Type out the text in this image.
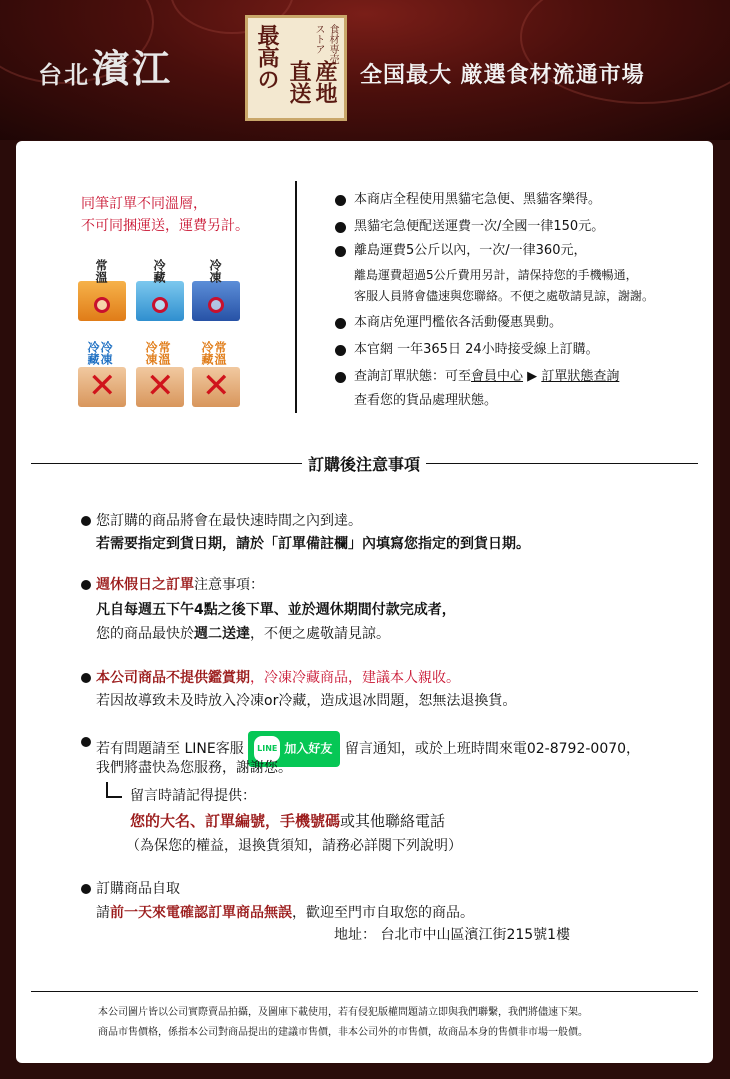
台北濱江
食材専売
ストア
最高の	産地直送	全国最大 厳選食材流通市場
同筆訂單不同溫層，
不可同捆運送，運費另計。
常溫	冷藏	冷凍
冷凍 冷藏
✕
常溫 冷凍
✕
常溫 冷藏
✕
本商店全程使用黑貓宅急便、黑貓客樂得。
黑貓宅急便配送運費一次/全國一律150元。
離島運費5公斤以內，一次/一律360元，
離島運費超過5公斤費用另計，請保持您的手機暢通，
客服人員將會儘速與您聯絡。不便之處敬請見諒，謝謝。
本商店免運門檻依各活動優惠異動。
本官網 一年365日 24小時接受線上訂購。
查詢訂單狀態：可至會員中心 ▶ 訂單狀態查詢
查看您的貨品處理狀態。
訂購後注意事項
您訂購的商品將會在最快速時間之內到達。
若需要指定到貨日期，請於「訂單備註欄」內填寫您指定的到貨日期。
週休假日之訂單注意事項：
凡自每週五下午4點之後下單、並於週休期間付款完成者，
您的商品最快於週二送達，不便之處敬請見諒。
本公司商品不提供鑑賞期，冷凍冷藏商品，建議本人親收。
若因故導致未及時放入冷凍or冷藏，造成退冰問題，恕無法退換貨。
若有問題請至 LINE客服 LINE 加入好友 留言通知，或於上班時間來電02-8792-0070，
我們將盡快為您服務，謝謝您。
留言時請記得提供：
您的大名、訂單編號，手機號碼或其他聯絡電話
（為保您的權益，退換貨須知，請務必詳閱下列說明）
訂購商品自取
請前一天來電確認訂單商品無誤，歡迎至門市自取您的商品。
地址： 台北市中山區濱江街215號1樓
本公司圖片皆以公司實際賣品拍攝，及圖庫下載使用，若有侵犯版權問題請立即與我們聯繫，我們將儘速下架。
商品市售價格，係指本公司對商品提出的建議市售價，非本公司外的市售價，故商品本身的售價非市場一般價。
